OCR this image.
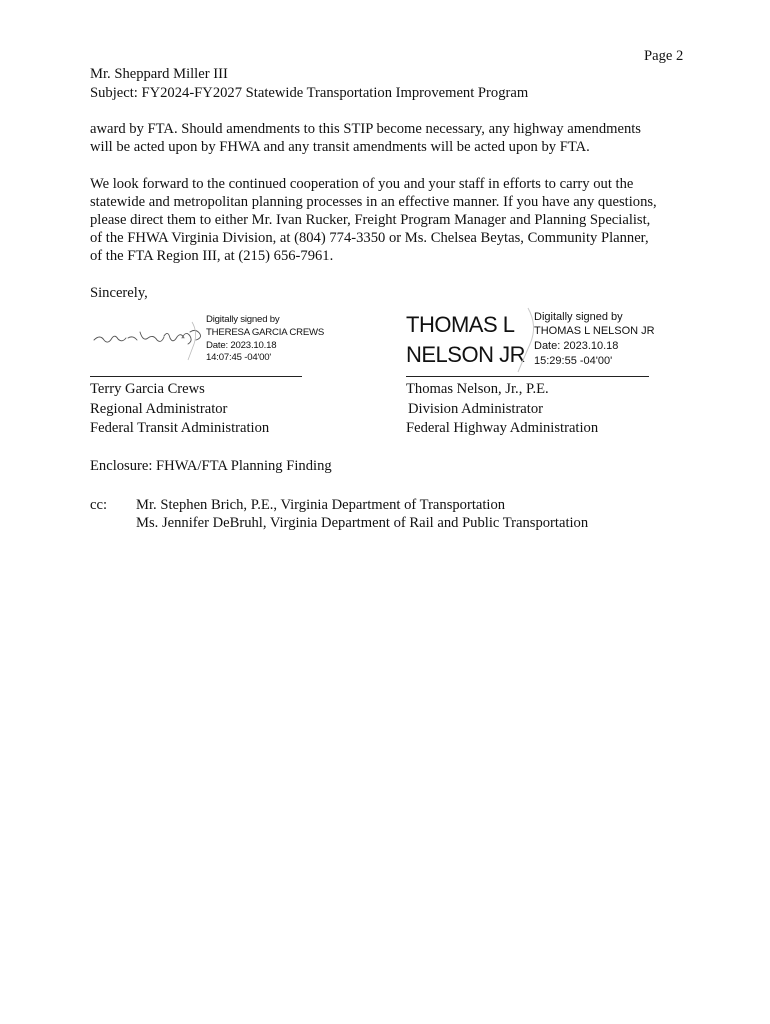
Page 2
Mr. Sheppard Miller III
Subject: FY2024-FY2027 Statewide Transportation Improvement Program
award by FTA. Should amendments to this STIP become necessary, any highway amendments
will be acted upon by FHWA and any transit amendments will be acted upon by FTA.
We look forward to the continued cooperation of you and your staff in efforts to carry out the
statewide and metropolitan planning processes in an effective manner. If you have any questions,
please direct them to either Mr. Ivan Rucker, Freight Program Manager and Planning Specialist,
of the FHWA Virginia Division, at (804) 774-3350 or Ms. Chelsea Beytas, Community Planner,
of the FTA Region III, at (215) 656-7961.
Sincerely,
Digitally signed by
THERESA GARCIA CREWS
Date: 2023.10.18
14:07:45 -04'00'
Terry Garcia Crews
Regional Administrator
Federal Transit Administration
THOMAS L
NELSON JR
Digitally signed by
THOMAS L NELSON JR
Date: 2023.10.18
15:29:55 -04'00'
Thomas Nelson, Jr., P.E.
Division Administrator
Federal Highway Administration
Enclosure: FHWA/FTA Planning Finding
cc: Mr. Stephen Brich, P.E., Virginia Department of Transportation
Ms. Jennifer DeBruhl, Virginia Department of Rail and Public Transportation
